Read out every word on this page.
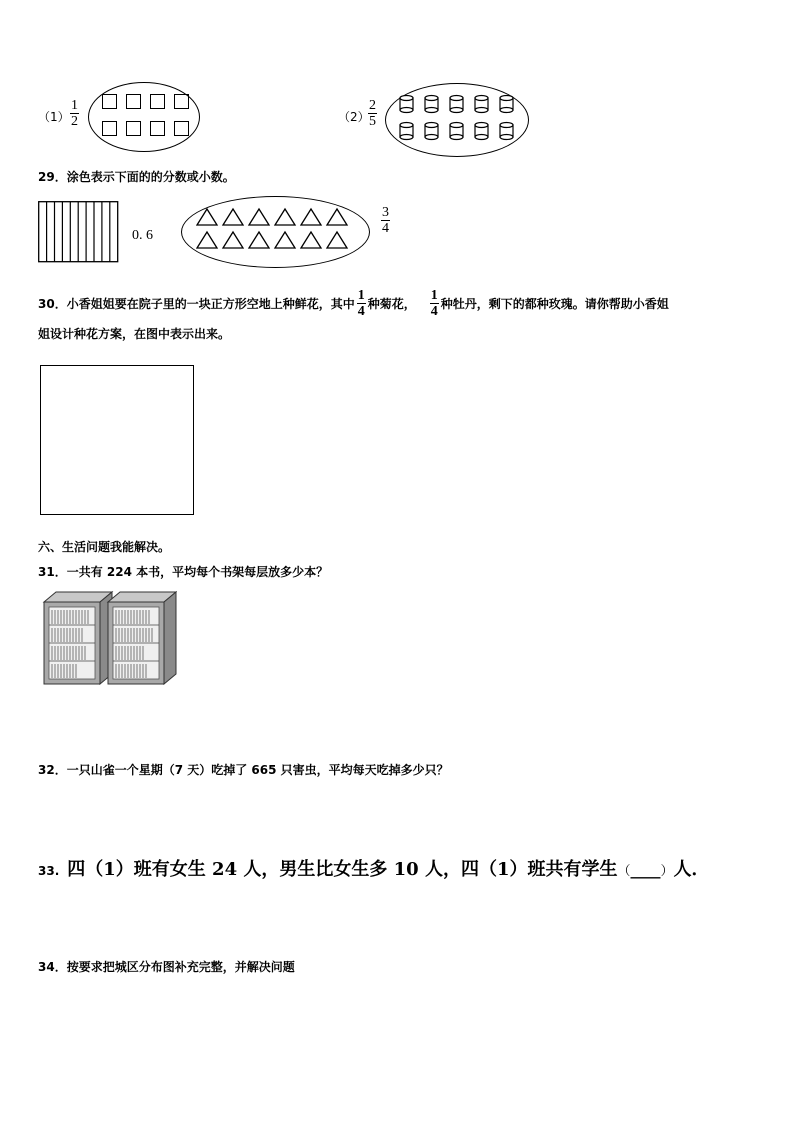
（1）
1
2	（2）
2
5
29．涂色表示下面的的分数或小数。
0. 6
3
4
30．小香姐姐要在院子里的一块正方形空地上种鲜花，其中 $\frac{1}{4}$ 种菊花， $\frac{1}{4}$ 种牡丹，剩下的都种玫瑰。请你帮助小香姐
姐设计种花方案，在图中表示出来。
六、生活问题我能解决。
31．一共有 224 本书，平均每个书架每层放多少本？
32．一只山雀一个星期（7 天）吃掉了 665 只害虫，平均每天吃掉多少只？
33. 四（1）班有女生 24 人，男生比女生多 10 人，四（1）班共有学生 （ ____ ） 人．
34．按要求把城区分布图补充完整，并解决问题
